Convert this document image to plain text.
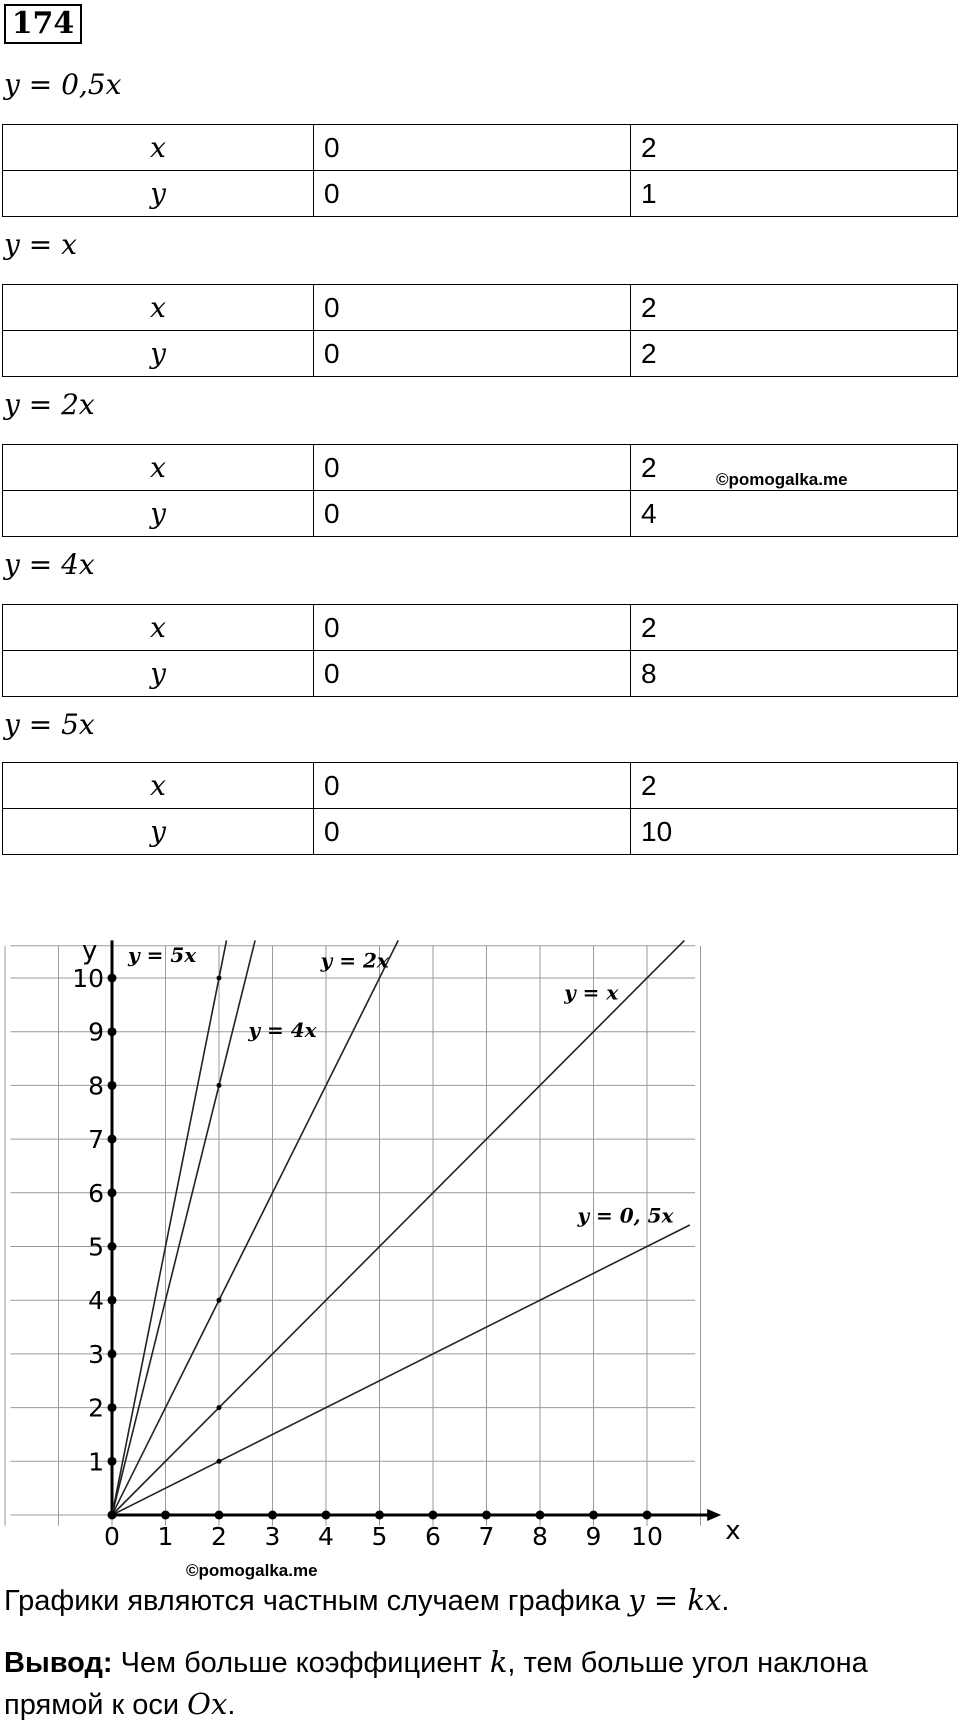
174
y = 0,5x
x	0	2
y	0	1
y = x
x	0	2
y	0	2
y = 2x
x	0	2
y	0	4
©pomogalka.me
y = 4x
x	0	2
y	0	8
y = 5x
x	0	2
y	0	10
x
y
0 1 2 3 4 5 6 7 8 9 10
1
2
3
4
5
6
7
8
9
10
y = 5x
y = 4x
y = 2x
y = x
y = 0, 5x
©pomogalka.me
Графики являются частным случаем графика y = kx.
Вывод: Чем больше коэффициент k, тем больше угол наклона
прямой к оси Ox.
